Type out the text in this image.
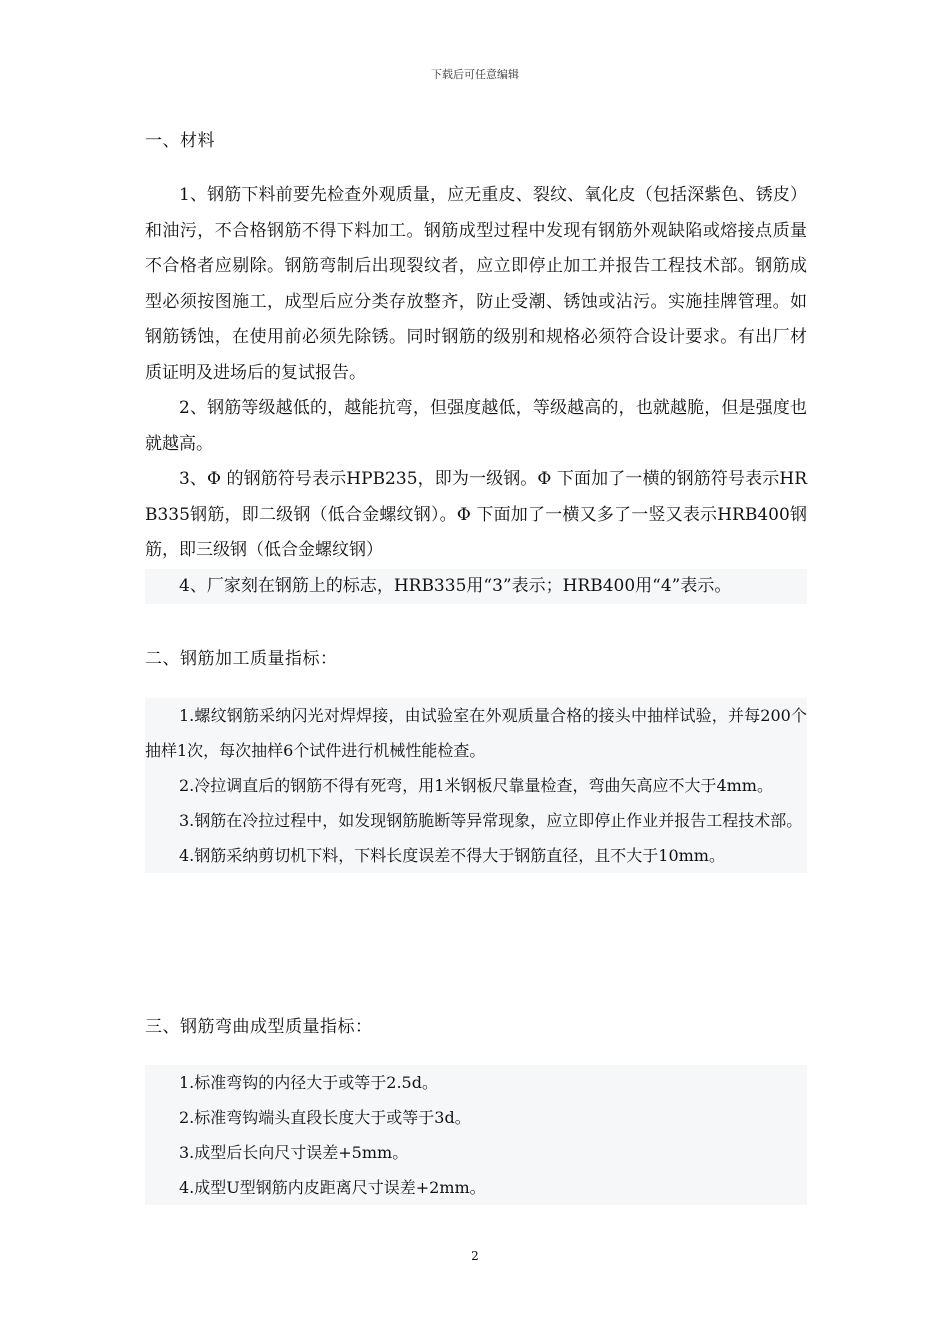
下载后可任意编辑
一、材料

1、钢筋下料前要先检查外观质量，应无重皮、裂纹、氧化皮（包括深紫色、锈皮）和油污，不合格钢筋不得下料加工。钢筋成型过程中发现有钢筋外观缺陷或熔接点质量不合格者应剔除。钢筋弯制后出现裂纹者，应立即停止加工并报告工程技术部。钢筋成型必须按图施工，成型后应分类存放整齐，防止受潮、锈蚀或沾污。实施挂牌管理。如钢筋锈蚀，在使用前必须先除锈。同时钢筋的级别和规格必须符合设计要求。有出厂材质证明及进场后的复试报告。

2、钢筋等级越低的，越能抗弯，但强度越低，等级越高的，也就越脆，但是强度也就越高。

3、Φ 的钢筋符号表示HPB235，即为一级钢。Φ 下面加了一横的钢筋符号表示HRB335钢筋，即二级钢（低合金螺纹钢）。Φ 下面加了一横又多了一竖又表示HRB400钢筋，即三级钢（低合金螺纹钢）

4、厂家刻在钢筋上的标志，HRB335用“3”表示；HRB400用“4”表示。

二、钢筋加工质量指标：

1.螺纹钢筋采纳闪光对焊焊接，由试验室在外观质量合格的接头中抽样试验，并每200个抽样1次，每次抽样6个试件进行机械性能检查。

2.冷拉调直后的钢筋不得有死弯，用1米钢板尺靠量检查，弯曲矢高应不大于4mm。

3.钢筋在冷拉过程中，如发现钢筋脆断等异常现象，应立即停止作业并报告工程技术部。

4.钢筋采纳剪切机下料，下料长度误差不得大于钢筋直径，且不大于10mm。

三、钢筋弯曲成型质量指标：

1.标准弯钩的内径大于或等于2.5d。

2.标准弯钩端头直段长度大于或等于3d。

3.成型后长向尺寸误差+5mm。

4.成型U型钢筋内皮距离尺寸误差+2mm。

2
